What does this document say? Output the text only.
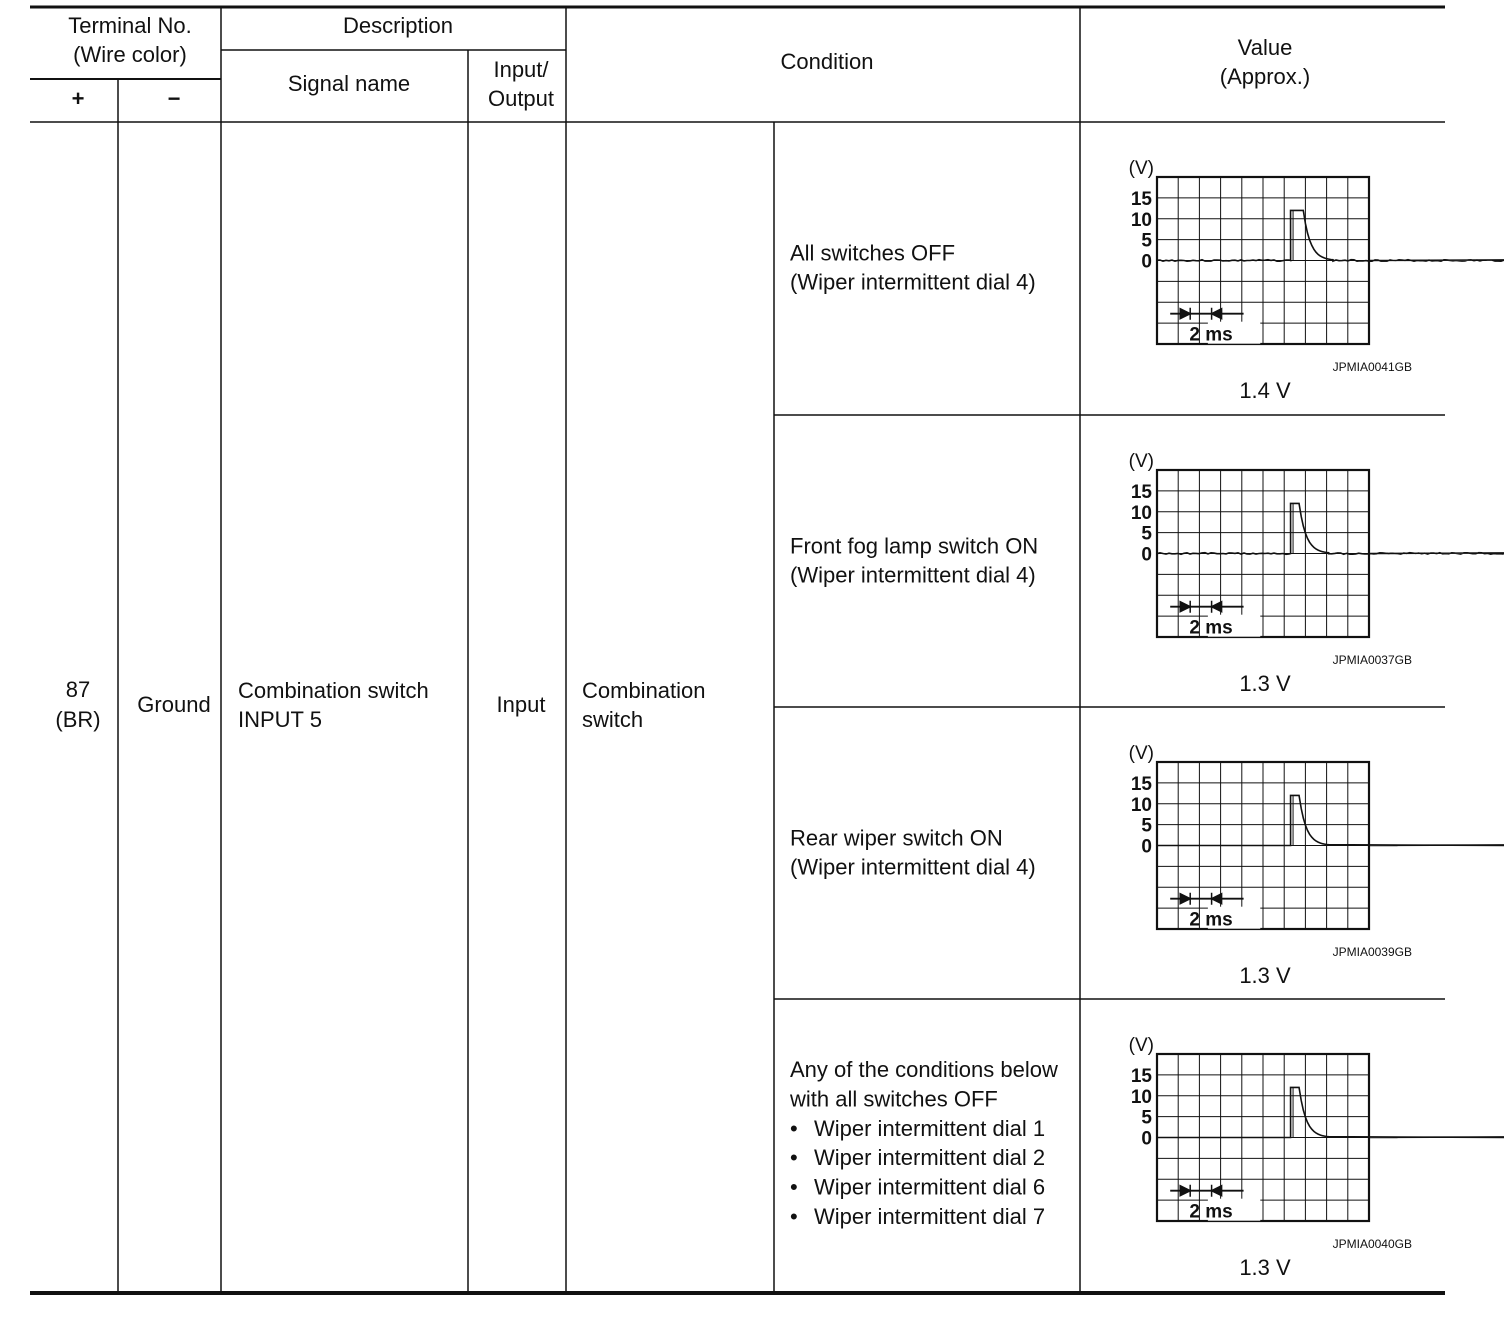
Terminal No.
(Wire color)
+	−
Description
Signal name
Input/
Output
Condition
Value
(Approx.)
87
(BR)
Ground
Combination switch
INPUT 5
Input
Combination
switch
All switches OFF
(Wiper intermittent dial 4)
(V)
15
10
5
0
2 ms
JPMIA0041GB
1.4 V
Front fog lamp switch ON
(Wiper intermittent dial 4)
(V)
15
10
5
0
2 ms
JPMIA0037GB
1.3 V
Rear wiper switch ON
(Wiper intermittent dial 4)
(V)
15
10
5
0
2 ms
JPMIA0039GB
1.3 V
Any of the conditions below
with all switches OFF
• Wiper intermittent dial 1
• Wiper intermittent dial 2
• Wiper intermittent dial 6
• Wiper intermittent dial 7
(V)
15
10
5
0
2 ms
JPMIA0040GB
1.3 V
